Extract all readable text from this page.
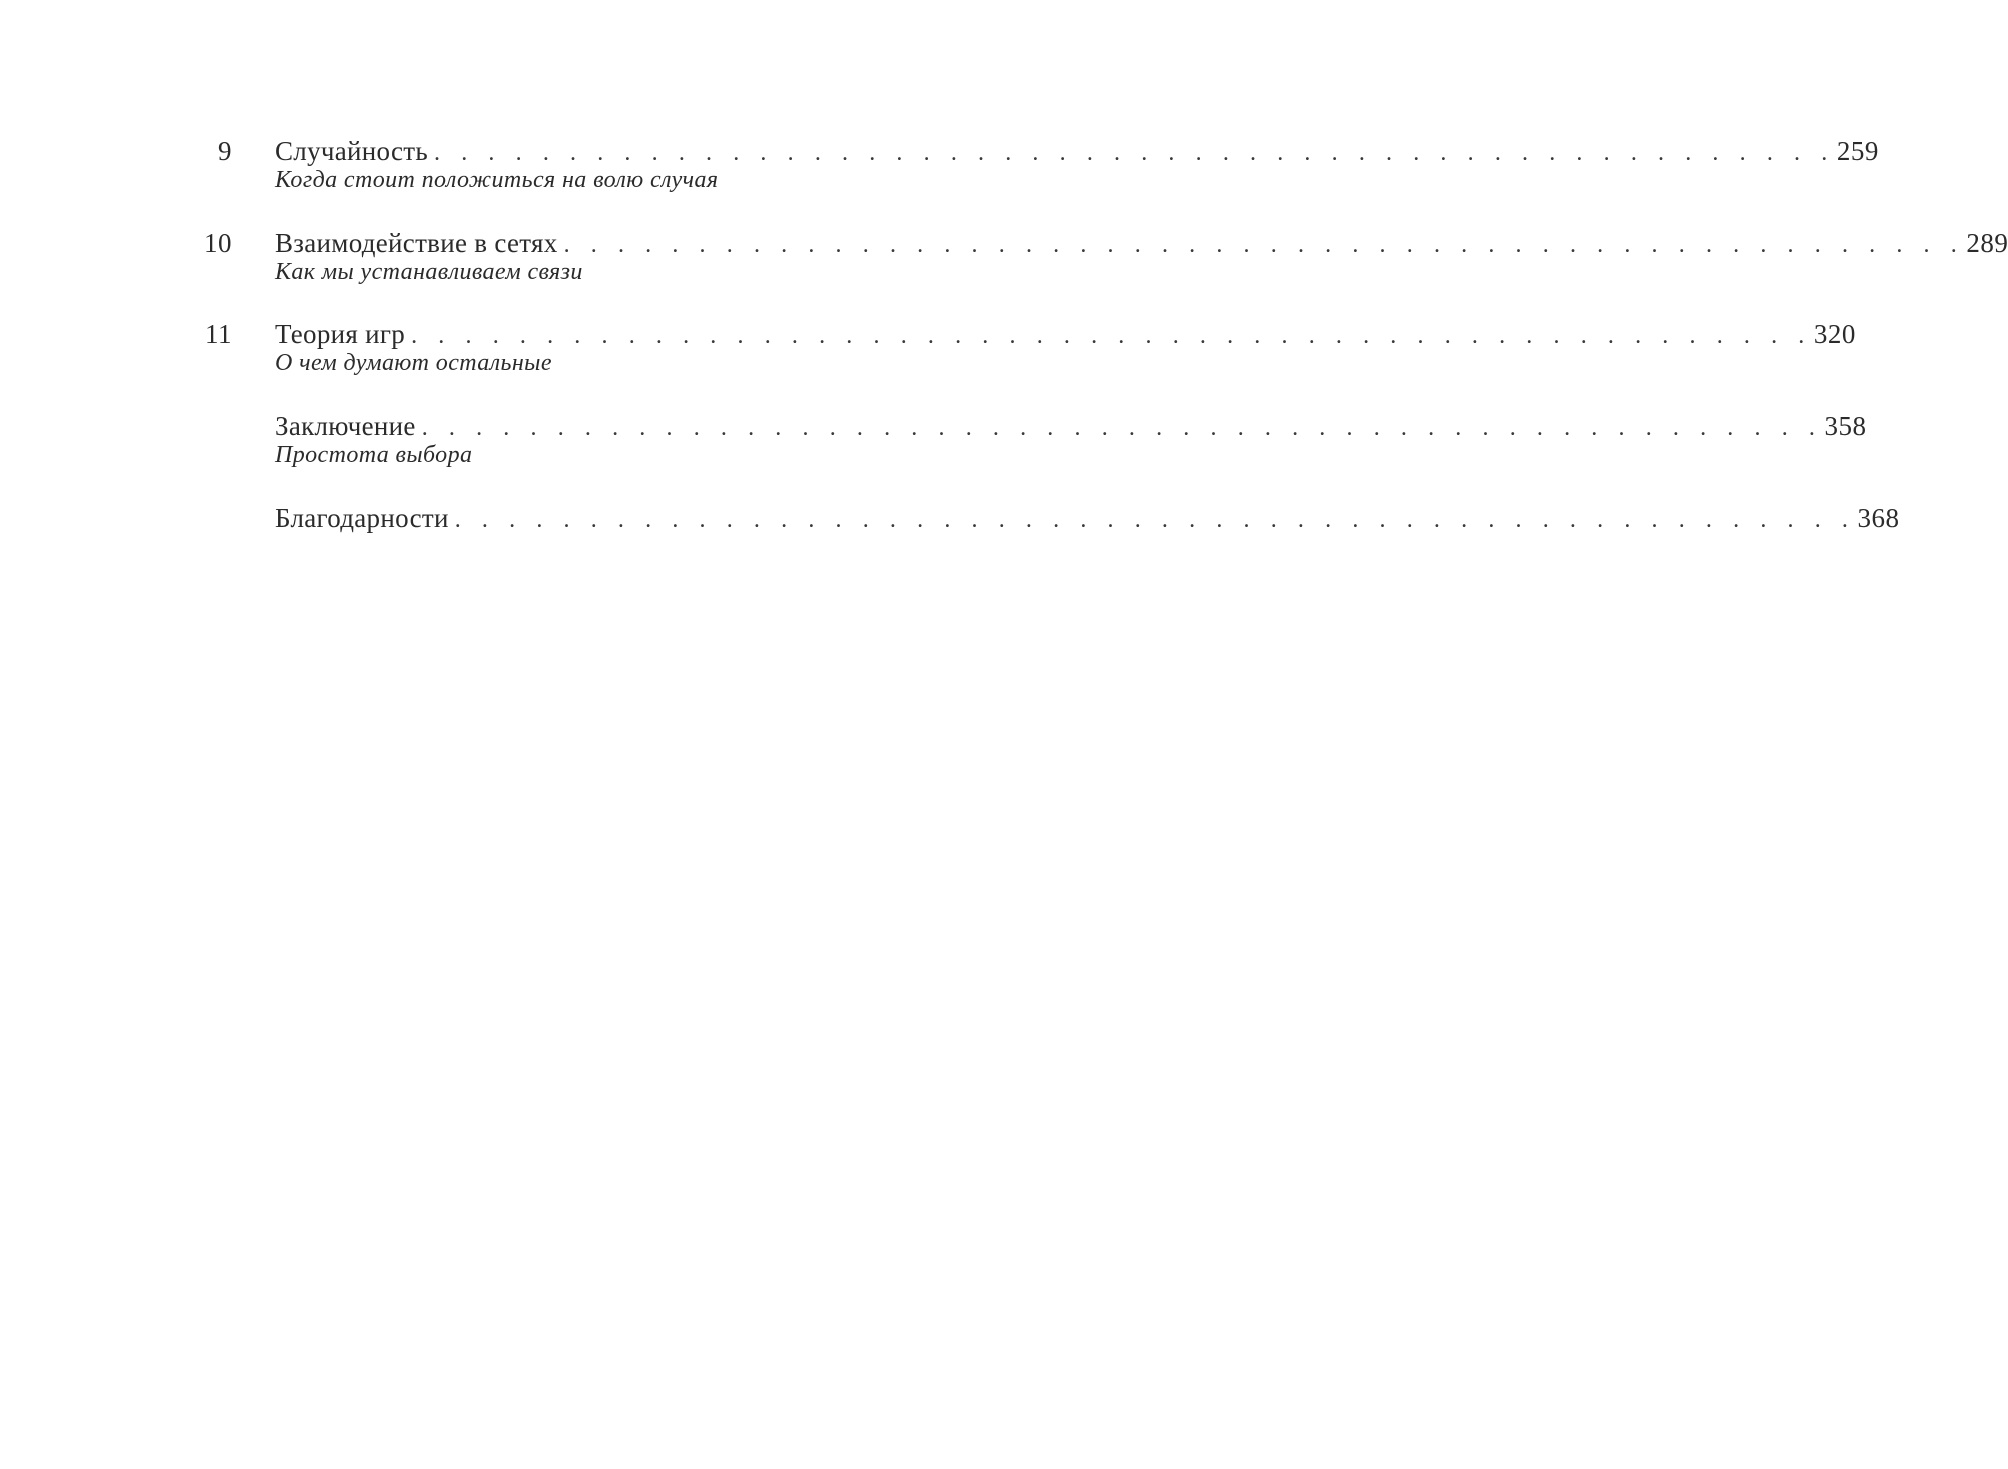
9 Случайность . . . . . . . . . . . . . . . . . . . . . . . . . . . . . . . . . . . . . . . . . . . . . . . . . . . . 259
Когда стоит положиться на волю случая
10 Взаимодействие в сетях . . . . . . . . . . . . . . . . . . . . . . . . . . . . . . . . . . . . . . . . . . . . . . . . . . . . 289
Как мы устанавливаем связи
11 Теория игр . . . . . . . . . . . . . . . . . . . . . . . . . . . . . . . . . . . . . . . . . . . . . . . . . . . . 320
О чем думают остальные
Заключение . . . . . . . . . . . . . . . . . . . . . . . . . . . . . . . . . . . . . . . . . . . . . . . . . . . . 358
Простота выбора
Благодарности . . . . . . . . . . . . . . . . . . . . . . . . . . . . . . . . . . . . . . . . . . . . . . . . . . . . 368
